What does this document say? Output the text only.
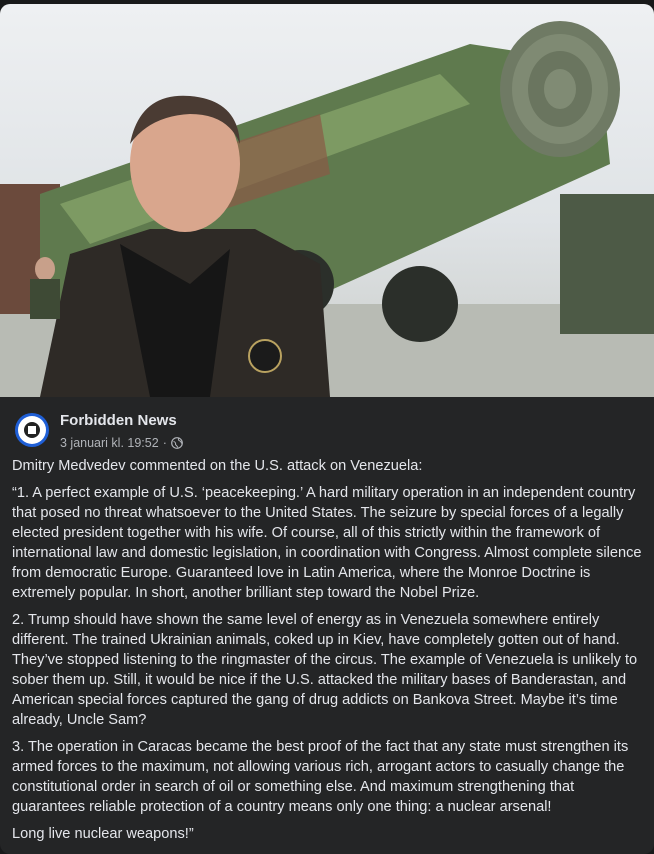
Forbidden News
3 januari kl. 19:52 ·

Dmitry Medvedev commented on the U.S. attack on Venezuela:

“1. A perfect example of U.S. ‘peacekeeping.’ A hard military operation in an independent country that posed no threat whatsoever to the United States. The seizure by special forces of a legally elected president together with his wife. Of course, all of this strictly within the framework of international law and domestic legislation, in coordination with Congress. Almost complete silence from democratic Europe. Guaranteed love in Latin America, where the Monroe Doctrine is extremely popular. In short, another brilliant step toward the Nobel Prize.

2. Trump should have shown the same level of energy as in Venezuela somewhere entirely different. The trained Ukrainian animals, coked up in Kiev, have completely gotten out of hand. They’ve stopped listening to the ringmaster of the circus. The example of Venezuela is unlikely to sober them up. Still, it would be nice if the U.S. attacked the military bases of Banderastan, and American special forces captured the gang of drug addicts on Bankova Street. Maybe it’s time already, Uncle Sam?

3. The operation in Caracas became the best proof of the fact that any state must strengthen its armed forces to the maximum, not allowing various rich, arrogant actors to casually change the constitutional order in search of oil or something else. And maximum strengthening that guarantees reliable protection of a country means only one thing: a nuclear arsenal!

Long live nuclear weapons!”
